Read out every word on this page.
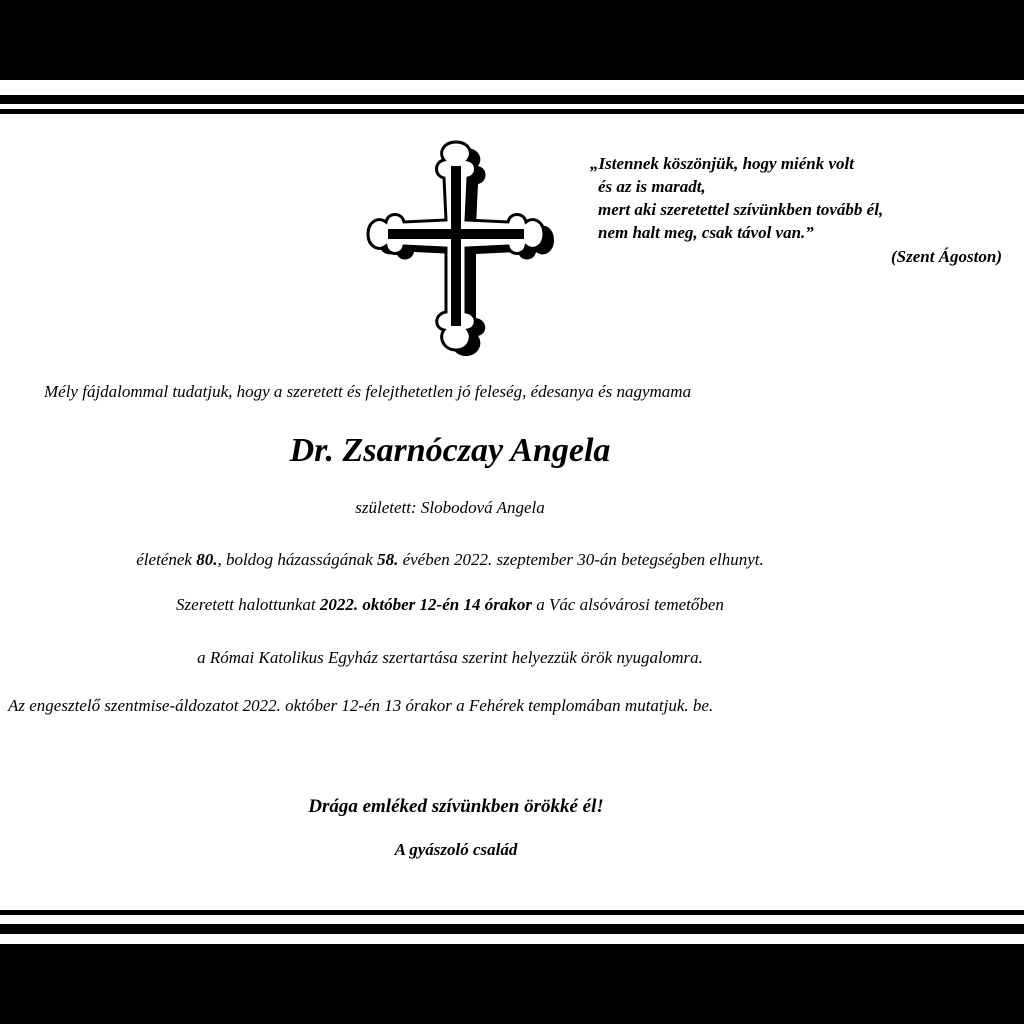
„Istennek köszönjük, hogy miénk volt
és az is maradt,
mert aki szeretettel szívünkben tovább él,
nem halt meg, csak távol van.”
(Szent Ágoston)
Mély fájdalommal tudatjuk, hogy a szeretett és felejthetetlen jó feleség, édesanya és nagymama
Dr. Zsarnóczay Angela
született: Slobodová Angela
életének 80., boldog házasságának 58. évében 2022. szeptember 30-án betegségben elhunyt.
Szeretett halottunkat 2022. október 12-én 14 órakor a Vác alsóvárosi temetőben
a Római Katolikus Egyház szertartása szerint helyezzük örök nyugalomra.
Az engesztelő szentmise-áldozatot 2022. október 12-én 13 órakor a Fehérek templomában mutatjuk. be.
Drága emléked szívünkben örökké él!
A gyászoló család
